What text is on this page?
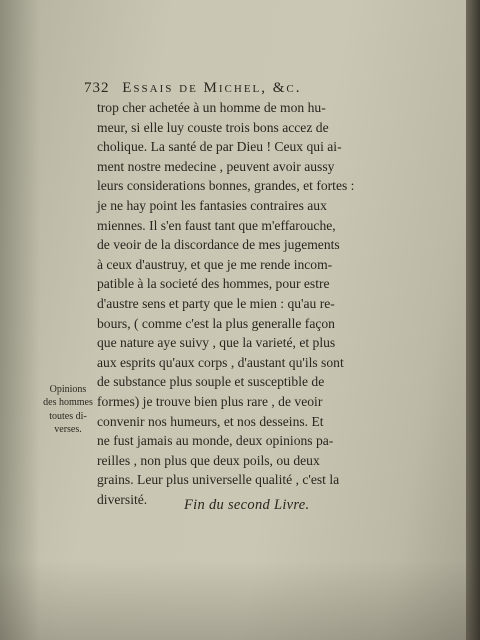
732 Essais de Michel, &c.
trop cher achetée à un homme de mon hu-
meur, si elle luy couste trois bons accez de
cholique. La santé de par Dieu ! Ceux qui ai-
ment nostre medecine , peuvent avoir aussy
leurs considerations bonnes, grandes, et fortes :
je ne hay point les fantasies contraires aux
miennes. Il s'en faust tant que m'effarouche,
de veoir de la discordance de mes jugements
à ceux d'austruy, et que je me rende incom-
patible à la societé des hommes, pour estre
d'austre sens et party que le mien : qu'au re-
bours, ( comme c'est la plus generalle façon
que nature aye suivy , que la varieté, et plus
aux esprits qu'aux corps , d'austant qu'ils sont
de substance plus souple et susceptible de
formes) je trouve bien plus rare , de veoir
convenir nos humeurs, et nos desseins. Et
ne fust jamais au monde, deux opinions pa-
reilles , non plus que deux poils, ou deux
grains. Leur plus universelle qualité , c'est la
diversité.
Opinions
des hommes
toutes di-
verses.
Fin du second Livre.
